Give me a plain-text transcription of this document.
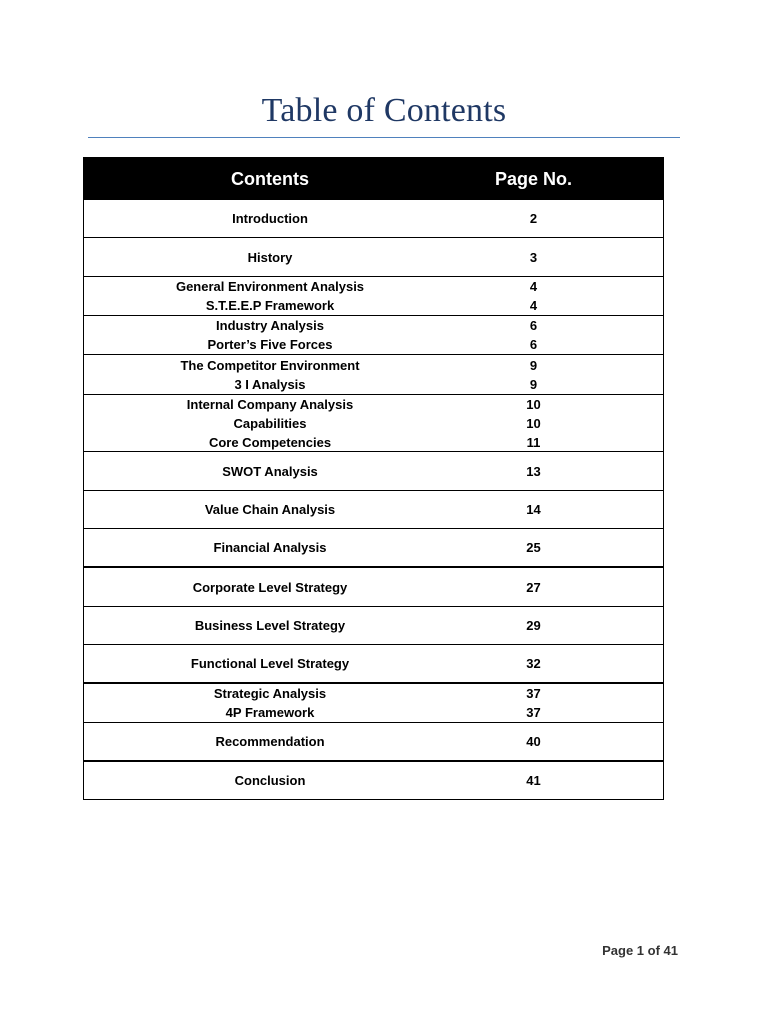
Table of Contents
Contents	Page No.
Introduction	2
History	3
General Environment Analysis	4
S.T.E.E.P Framework	4
Industry Analysis	6
Porter’s Five Forces	6
The Competitor Environment	9
3 I Analysis	9
Internal Company Analysis	10
Capabilities	10
Core Competencies	11
SWOT Analysis	13
Value Chain Analysis	14
Financial Analysis	25
Corporate Level Strategy	27
Business Level Strategy	29
Functional Level Strategy	32
Strategic Analysis	37
4P Framework	37
Recommendation	40
Conclusion	41
Page 1 of 41
